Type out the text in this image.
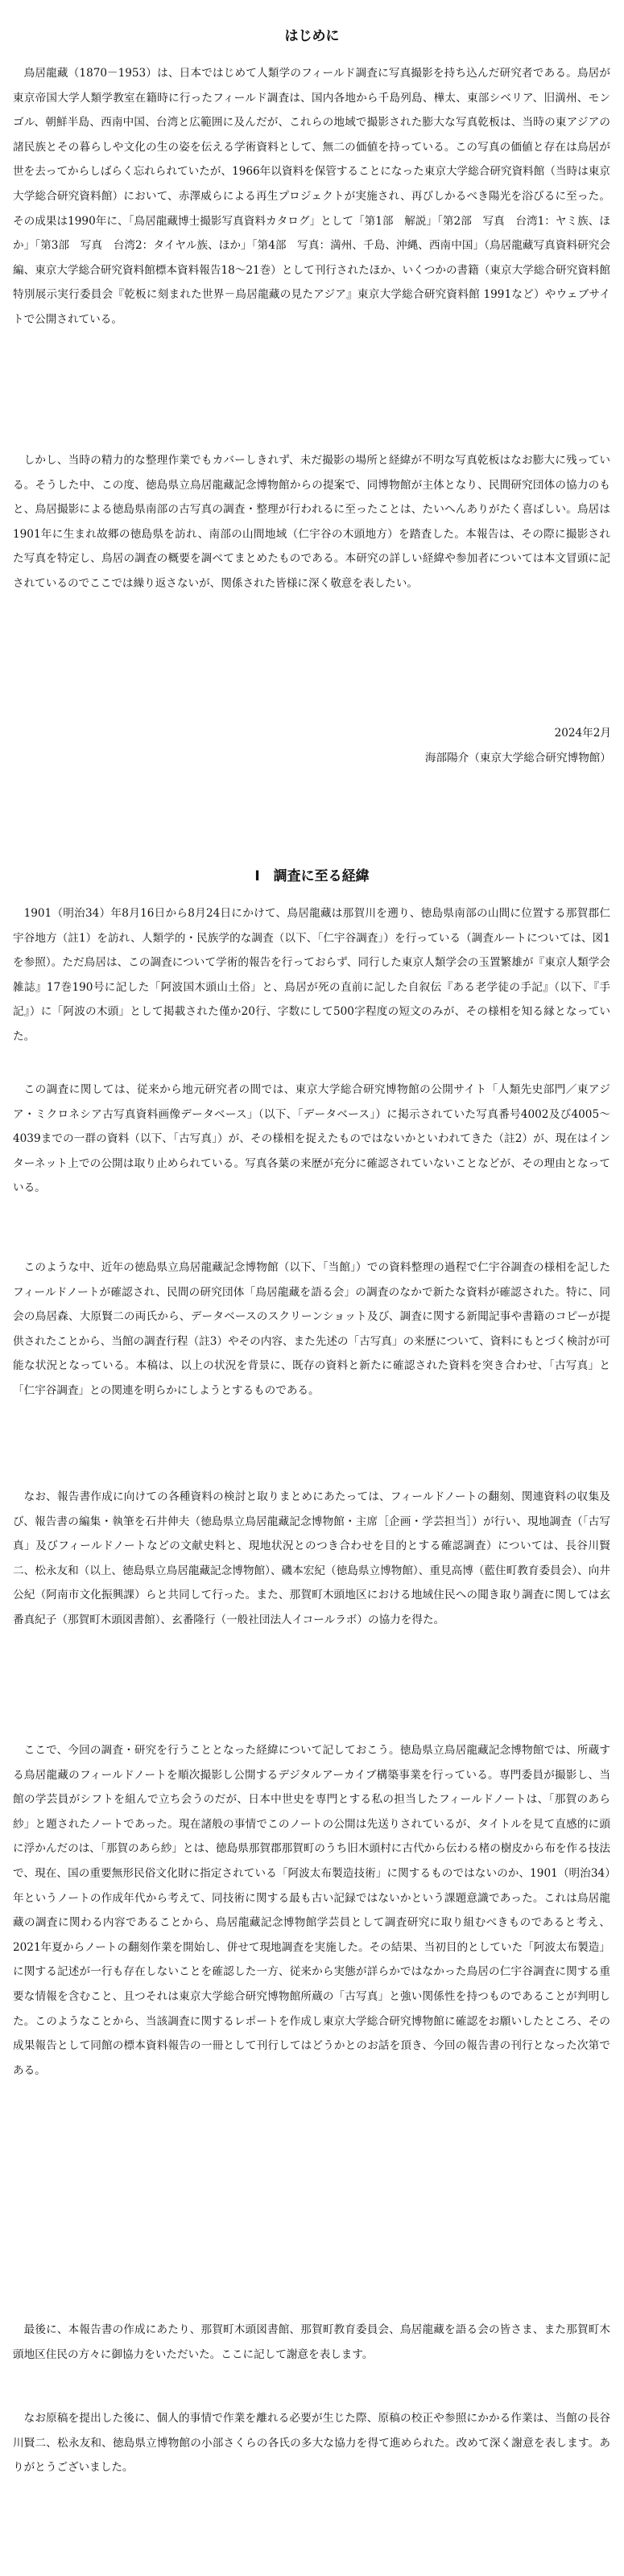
はじめに

鳥居龍藏（1870－1953）は、日本ではじめて人類学のフィールド調査に写真撮影を持ち込んだ研究者である。鳥居が東京帝国大学人類学教室在籍時に行ったフィールド調査は、国内各地から千島列島、樺太、東部シベリア、旧満州、モンゴル、朝鮮半島、西南中国、台湾と広範囲に及んだが、これらの地域で撮影された膨大な写真乾板は、当時の東アジアの諸民族とその暮らしや文化の生の姿を伝える学術資料として、無二の価値を持っている。この写真の価値と存在は鳥居が世を去ってからしばらく忘れられていたが、1966年以資料を保管することになった東京大学総合研究資料館（当時は東京大学総合研究資料館）において、赤澤威らによる再生プロジェクトが実施され、再びしかるべき陽光を浴びるに至った。その成果は1990年に、「鳥居龍藏博士撮影写真資料カタログ」として「第1部　解説」「第2部　写真　台湾1：ヤミ族、ほか」「第3部　写真　台湾2：タイヤル族、ほか」「第4部　写真：満州、千島、沖縄、西南中国」（鳥居龍藏写真資料研究会編、東京大学総合研究資料館標本資料報告18〜21巻）として刊行されたほか、いくつかの書籍（東京大学総合研究資料館特別展示実行委員会『乾板に刻まれた世界－鳥居龍藏の見たアジア』東京大学総合研究資料館 1991など）やウェブサイトで公開されている。

しかし、当時の精力的な整理作業でもカバーしきれず、未だ撮影の場所と経緯が不明な写真乾板はなお膨大に残っている。そうした中、この度、徳島県立鳥居龍藏記念博物館からの提案で、同博物館が主体となり、民間研究団体の協力のもと、鳥居撮影による徳島県南部の古写真の調査・整理が行われるに至ったことは、たいへんありがたく喜ばしい。鳥居は1901年に生まれ故郷の徳島県を訪れ、南部の山間地域（仁宇谷の木頭地方）を踏査した。本報告は、その際に撮影された写真を特定し、鳥居の調査の概要を調べてまとめたものである。本研究の詳しい経緯や参加者については本文冒頭に記されているのでここでは繰り返さないが、関係された皆様に深く敬意を表したい。

2024年2月
海部陽介（東京大学総合研究博物館）
Ⅰ　調査に至る経緯

1901（明治34）年8月16日から8月24日にかけて、鳥居龍藏は那賀川を遡り、徳島県南部の山間に位置する那賀郡仁宇谷地方（註1）を訪れ、人類学的・民族学的な調査（以下、「仁宇谷調査」）を行っている（調査ルートについては、図1を参照）。ただ鳥居は、この調査について学術的報告を行っておらず、同行した東京人類学会の玉置繁雄が『東京人類学会雑誌』17巻190号に記した「阿波国木頭山土俗」と、鳥居が死の直前に記した自叙伝『ある老学徒の手記』（以下、『手記』）に「阿波の木頭」として掲載された僅か20行、字数にして500字程度の短文のみが、その様相を知る縁となっていた。

この調査に関しては、従来から地元研究者の間では、東京大学総合研究博物館の公開サイト「人類先史部門／東アジア・ミクロネシア古写真資料画像データベース」（以下、「データベース」）に掲示されていた写真番号4002及び4005〜4039までの一群の資料（以下、「古写真」）が、その様相を捉えたものではないかといわれてきた（註2）が、現在はインターネット上での公開は取り止められている。写真各葉の来歴が充分に確認されていないことなどが、その理由となっている。

このような中、近年の徳島県立鳥居龍藏記念博物館（以下、「当館」）での資料整理の過程で仁宇谷調査の様相を記したフィールドノートが確認され、民間の研究団体「鳥居龍藏を語る会」の調査のなかで新たな資料が確認された。特に、同会の鳥居森、大原賢二の両氏から、データベースのスクリーンショット及び、調査に関する新聞記事や書籍のコピーが提供されたことから、当館の調査行程（註3）やその内容、また先述の「古写真」の来歴について、資料にもとづく検討が可能な状況となっている。本稿は、以上の状況を背景に、既存の資料と新たに確認された資料を突き合わせ、「古写真」と「仁宇谷調査」との関連を明らかにしようとするものである。

なお、報告書作成に向けての各種資料の検討と取りまとめにあたっては、フィールドノートの翻刻、関連資料の収集及び、報告書の編集・執筆を石井伸夫（徳島県立鳥居龍藏記念博物館・主席［企画・学芸担当］）が行い、現地調査（「古写真」及びフィールドノートなどの文献史料と、現地状況とのつき合わせを目的とする確認調査）については、長谷川賢二、松永友和（以上、徳島県立鳥居龍藏記念博物館）、磯本宏紀（徳島県立博物館）、重見高博（藍住町教育委員会）、向井公紀（阿南市文化振興課）らと共同して行った。また、那賀町木頭地区における地域住民への聞き取り調査に関しては玄番真紀子（那賀町木頭図書館）、玄番隆行（一般社団法人イコールラボ）の協力を得た。

ここで、今回の調査・研究を行うこととなった経緯について記しておこう。徳島県立鳥居龍藏記念博物館では、所蔵する鳥居龍藏のフィールドノートを順次撮影し公開するデジタルアーカイブ構築事業を行っている。専門委員が撮影し、当館の学芸員がシフトを組んで立ち会うのだが、日本中世史を専門とする私の担当したフィールドノートは、「那賀のあら紗」と題されたノートであった。現在諸般の事情でこのノートの公開は先送りされているが、タイトルを見て直感的に頭に浮かんだのは、「那賀のあら紗」とは、徳島県那賀郡那賀町のうち旧木頭村に古代から伝わる楮の樹皮から布を作る技法で、現在、国の重要無形民俗文化財に指定されている「阿波太布製造技術」に関するものではないのか、1901（明治34）年というノートの作成年代から考えて、同技術に関する最も古い記録ではないかという課題意識であった。これは鳥居龍藏の調査に関わる内容であることから、鳥居龍藏記念博物館学芸員として調査研究に取り組むべきものであると考え、2021年夏からノートの翻刻作業を開始し、併せて現地調査を実施した。その結果、当初目的としていた「阿波太布製造」に関する記述が一行も存在しないことを確認した一方、従来から実態が詳らかではなかった鳥居の仁宇谷調査に関する重要な情報を含むこと、且つそれは東京大学総合研究博物館所蔵の「古写真」と強い関係性を持つものであることが判明した。このようなことから、当該調査に関するレポートを作成し東京大学総合研究博物館に確認をお願いしたところ、その成果報告として同館の標本資料報告の一冊として刊行してはどうかとのお話を頂き、今回の報告書の刊行となった次第である。

最後に、本報告書の作成にあたり、那賀町木頭図書館、那賀町教育委員会、鳥居龍藏を語る会の皆さま、また那賀町木頭地区住民の方々に御協力をいただいた。ここに記して謝意を表します。

なお原稿を提出した後に、個人的事情で作業を離れる必要が生じた際、原稿の校正や参照にかかる作業は、当館の長谷川賢二、松永友和、徳島県立博物館の小部さくらの各氏の多大な協力を得て進められた。改めて深く謝意を表します。ありがとうございました。
